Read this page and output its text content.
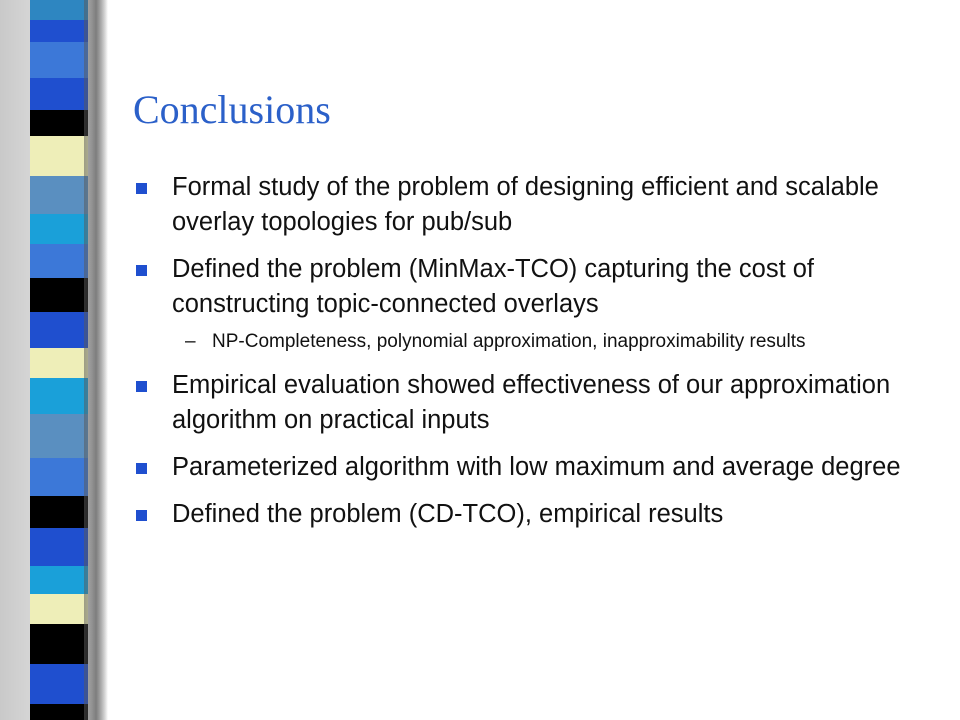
Conclusions
Formal study of the problem of designing efficient and scalable overlay topologies for pub/sub
Defined the problem (MinMax-TCO) capturing the cost of constructing topic-connected overlays
– NP-Completeness, polynomial approximation, inapproximability results
Empirical evaluation showed effectiveness of our approximation algorithm on practical inputs
Parameterized algorithm with low maximum and average degree
Defined the problem (CD-TCO), empirical results
